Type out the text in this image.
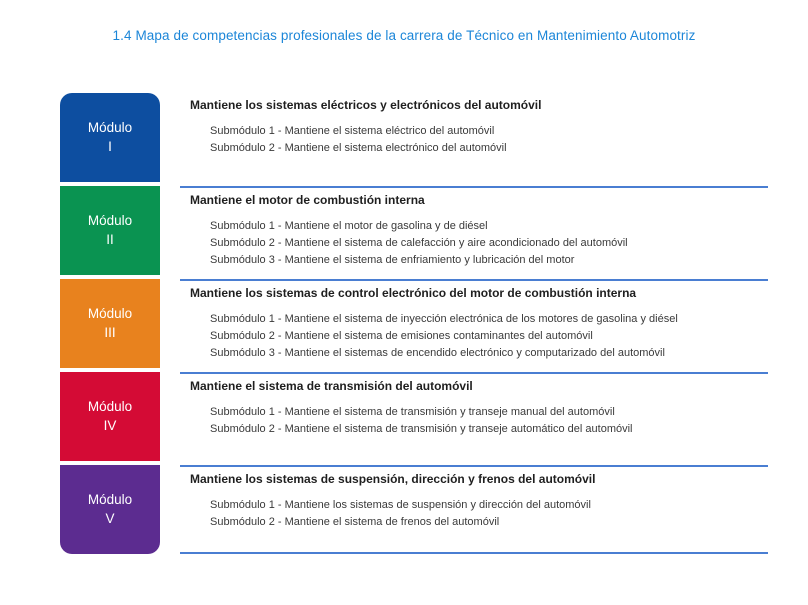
1.4 Mapa de competencias profesionales de la carrera de Técnico en Mantenimiento Automotriz
Módulo
I
Mantiene los sistemas eléctricos y electrónicos del automóvil
Submódulo 1 - Mantiene el sistema eléctrico del automóvil
Submódulo 2 - Mantiene el sistema electrónico del automóvil
Módulo
II
Mantiene el motor de combustión interna
Submódulo 1 - Mantiene el motor de gasolina y de diésel
Submódulo 2 - Mantiene el sistema de calefacción y aire acondicionado del automóvil
Submódulo 3 - Mantiene el sistema de enfriamiento y lubricación del motor
Módulo
III
Mantiene los sistemas de control electrónico del motor de combustión interna
Submódulo 1 - Mantiene el sistema de inyección electrónica de los motores de gasolina y diésel
Submódulo 2 - Mantiene el sistema de emisiones contaminantes del automóvil
Submódulo 3 - Mantiene el sistemas de encendido electrónico y computarizado del automóvil
Módulo
IV
Mantiene el sistema de transmisión del automóvil
Submódulo 1 - Mantiene el sistema de transmisión y transeje manual del automóvil
Submódulo 2 - Mantiene el sistema de transmisión y transeje automático del automóvil
Módulo
V
Mantiene los sistemas de suspensión, dirección y frenos del automóvil
Submódulo 1 - Mantiene los sistemas de suspensión y dirección del automóvil
Submódulo 2 - Mantiene el sistema de frenos del automóvil
